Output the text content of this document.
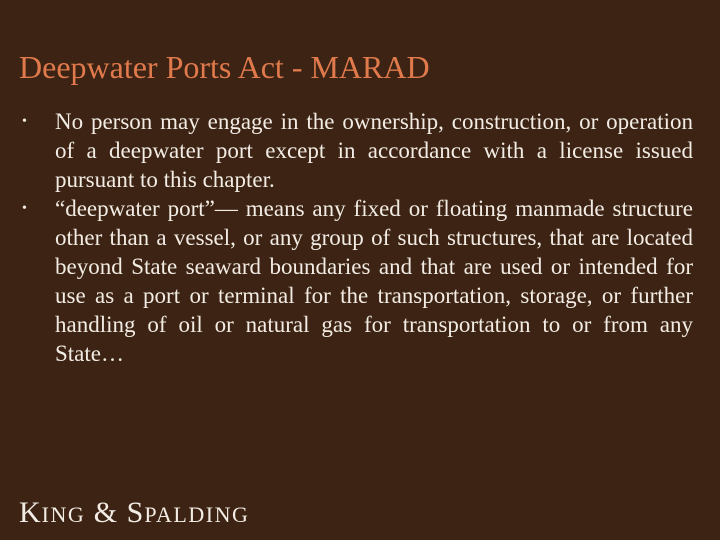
Deepwater Ports Act - MARAD
• No person may engage in the ownership, construction, or operation of a deepwater port except in accordance with a license issued pursuant to this chapter.
• “deepwater port”— means any fixed or floating manmade structure other than a vessel, or any group of such structures, that are located beyond State seaward boundaries and that are used or intended for use as a port or terminal for the transportation, storage, or further handling of oil or natural gas for transportation to or from any State…
KING & SPALDING
